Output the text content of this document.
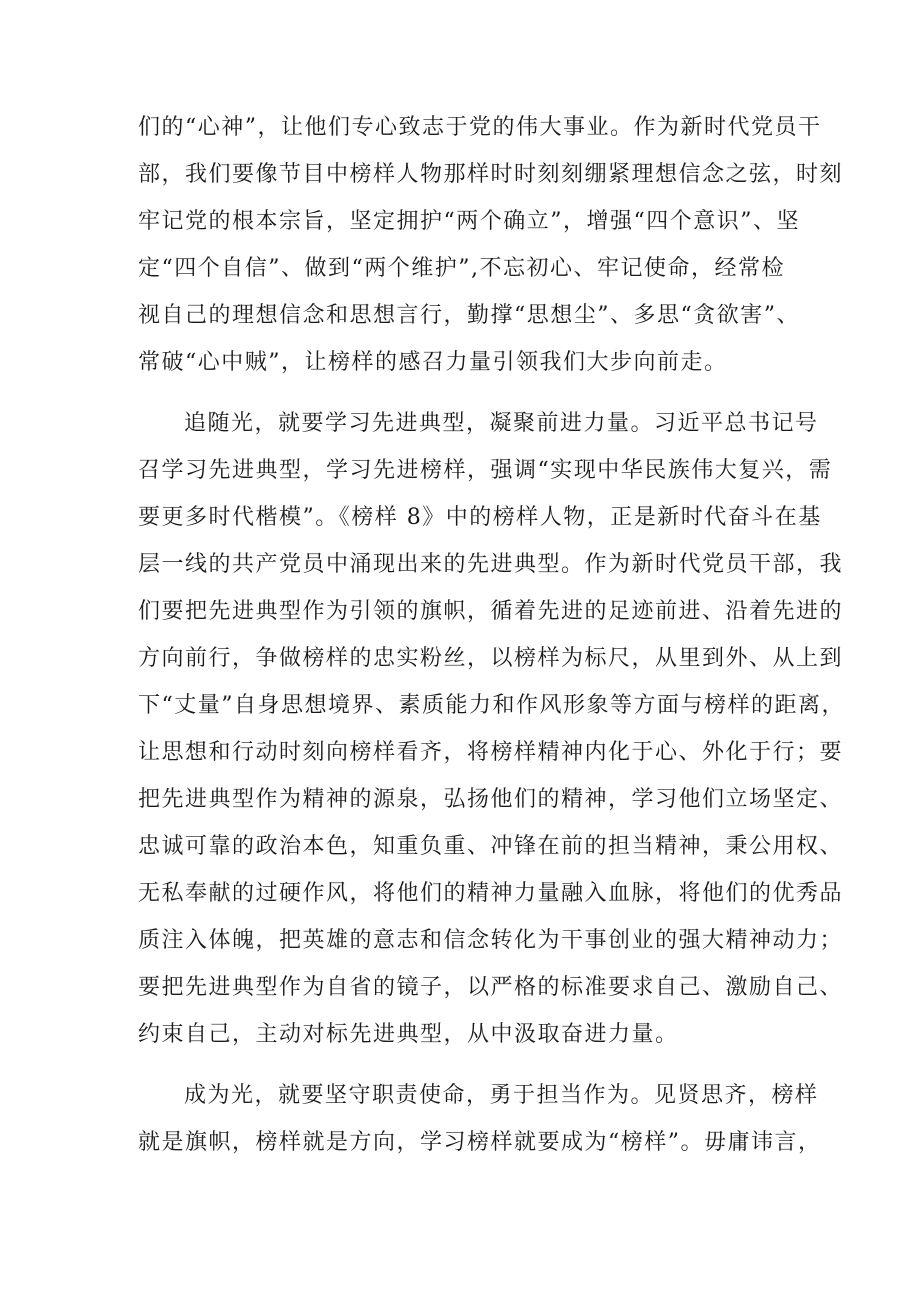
们的“心神”，让他们专心致志于党的伟大事业。作为新时代党员干
部，我们要像节目中榜样人物那样时时刻刻绷紧理想信念之弦，时刻
牢记党的根本宗旨，坚定拥护“两个确立”，增强“四个意识”、坚
定“四个自信”、做到“两个维护”,不忘初心、牢记使命，经常检
视自己的理想信念和思想言行，勤撑“思想尘”、多思“贪欲害”、
常破“心中贼”，让榜样的感召力量引领我们大步向前走。
追随光，就要学习先进典型，凝聚前进力量。习近平总书记号
召学习先进典型，学习先进榜样，强调“实现中华民族伟大复兴，需
要更多时代楷模”。《榜样 8》中的榜样人物，正是新时代奋斗在基
层一线的共产党员中涌现出来的先进典型。作为新时代党员干部，我
们要把先进典型作为引领的旗帜，循着先进的足迹前进、沿着先进的
方向前行，争做榜样的忠实粉丝，以榜样为标尺，从里到外、从上到
下“丈量”自身思想境界、素质能力和作风形象等方面与榜样的距离，
让思想和行动时刻向榜样看齐，将榜样精神内化于心、外化于行；要
把先进典型作为精神的源泉，弘扬他们的精神，学习他们立场坚定、
忠诚可靠的政治本色，知重负重、冲锋在前的担当精神，秉公用权、
无私奉献的过硬作风，将他们的精神力量融入血脉，将他们的优秀品
质注入体魄，把英雄的意志和信念转化为干事创业的强大精神动力；
要把先进典型作为自省的镜子，以严格的标准要求自己、激励自己、
约束自己，主动对标先进典型，从中汲取奋进力量。
成为光，就要坚守职责使命，勇于担当作为。见贤思齐，榜样
就是旗帜，榜样就是方向，学习榜样就要成为“榜样”。毋庸讳言，
